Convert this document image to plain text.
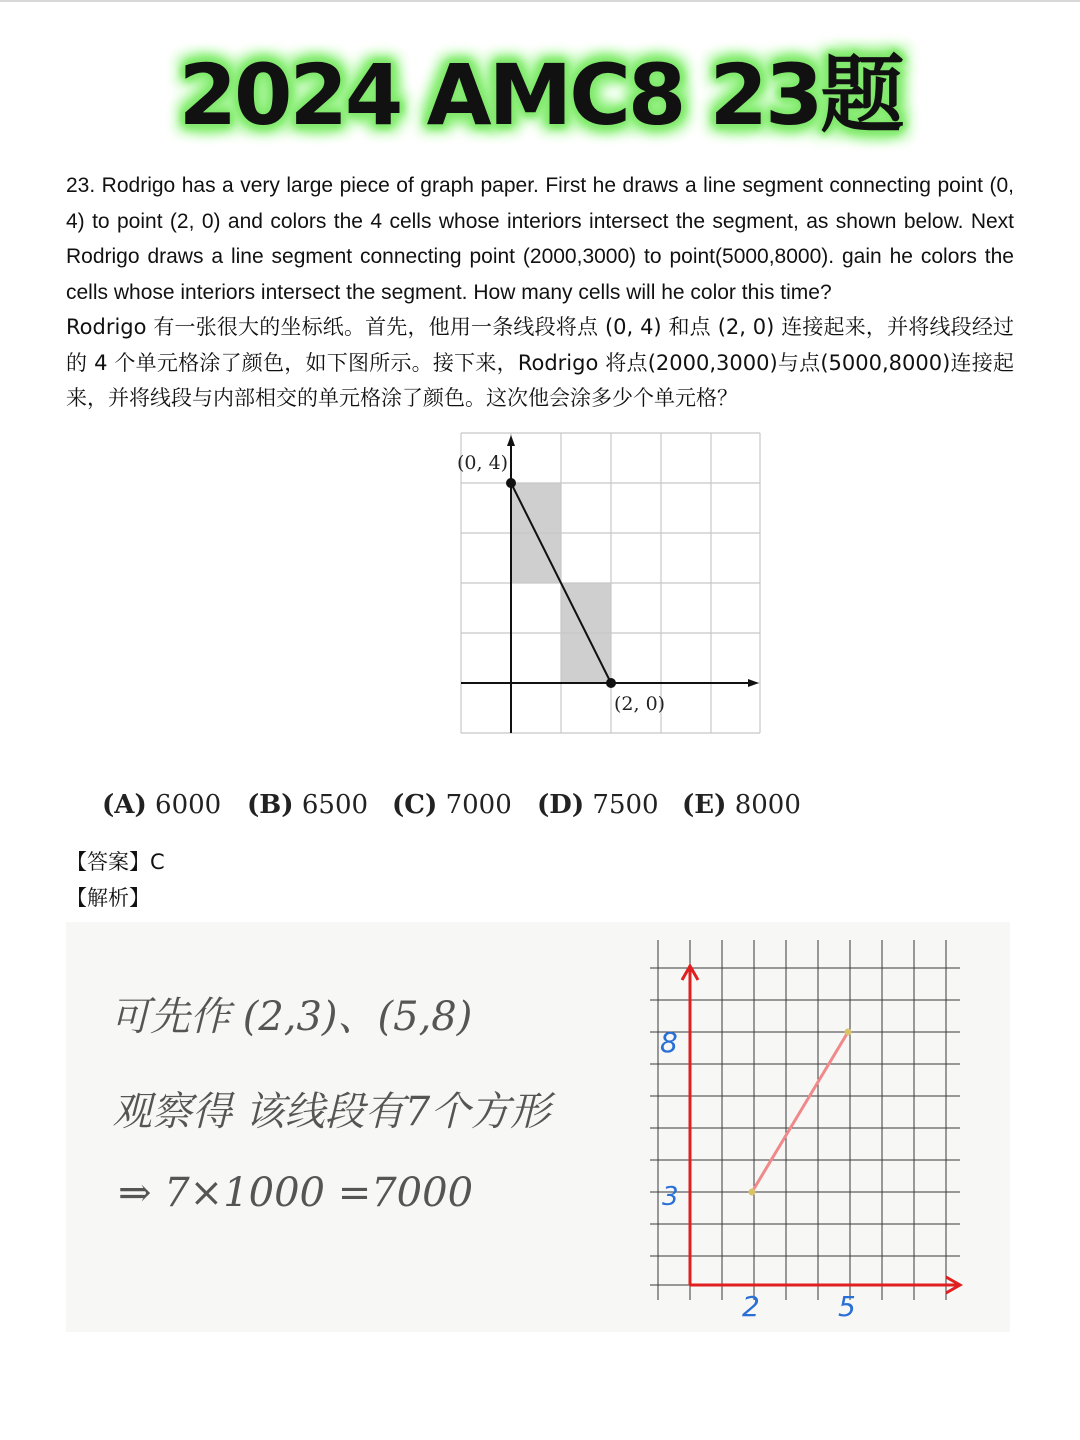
2024 AMC8 23题

23. Rodrigo has a very large piece of graph paper. First he draws a line segment connecting point (0, 4) to point (2, 0) and colors the 4 cells whose interiors intersect the segment, as shown below. Next Rodrigo draws a line segment connecting point (2000,3000) to point(5000,8000). gain he colors the cells whose interiors intersect the segment. How many cells will he color this time?

Rodrigo 有一张很大的坐标纸。首先，他用一条线段将点 (0, 4) 和点 (2, 0) 连接起来，并将线段经过的 4 个单元格涂了颜色，如下图所示。接下来，Rodrigo 将点(2000,3000)与点(5000,8000)连接起来，并将线段与内部相交的单元格涂了颜色。这次他会涂多少个单元格？

(0, 4)
(2, 0)
(A) 6000 (B) 6500 (C) 7000 (D) 7500 (E) 8000
【答案】C
【解析】
可先作 (2,3)、(5,8)
观察得 该线段有7个方形
⇒ 7×1000 =7000
8
3
2	5
